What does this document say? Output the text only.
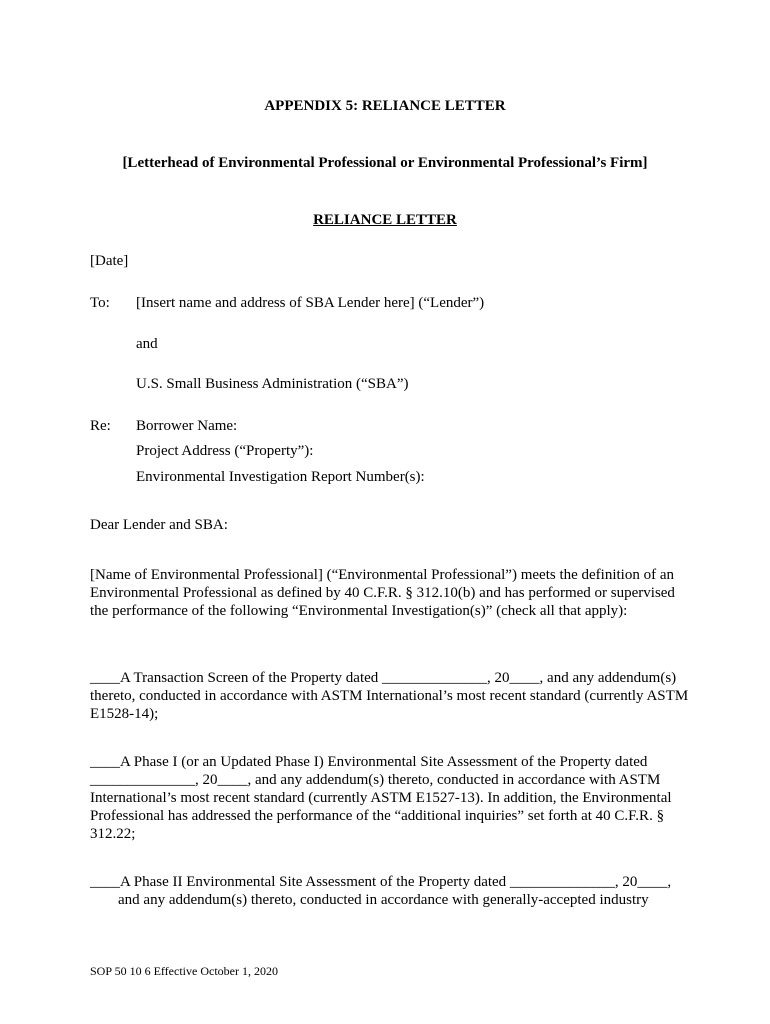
APPENDIX 5: RELIANCE LETTER
[Letterhead of Environmental Professional or Environmental Professional’s Firm]
RELIANCE LETTER
[Date]
To: [Insert name and address of SBA Lender here] (“Lender”)
and
U.S. Small Business Administration (“SBA”)
Re: Borrower Name:
Project Address (“Property”):
Environmental Investigation Report Number(s):
Dear Lender and SBA:
[Name of Environmental Professional] (“Environmental Professional”) meets the definition of an Environmental Professional as defined by 40 C.F.R. § 312.10(b) and has performed or supervised the performance of the following “Environmental Investigation(s)” (check all that apply):
____A Transaction Screen of the Property dated ______________, 20____, and any addendum(s) thereto, conducted in accordance with ASTM International’s most recent standard (currently ASTM E1528-14);
____A Phase I (or an Updated Phase I) Environmental Site Assessment of the Property dated ______________, 20____, and any addendum(s) thereto, conducted in accordance with ASTM International’s most recent standard (currently ASTM E1527-13). In addition, the Environmental Professional has addressed the performance of the “additional inquiries” set forth at 40 C.F.R. § 312.22;
____A Phase II Environmental Site Assessment of the Property dated ______________, 20____,
and any addendum(s) thereto, conducted in accordance with generally-accepted industry
SOP 50 10 6 Effective October 1, 2020
